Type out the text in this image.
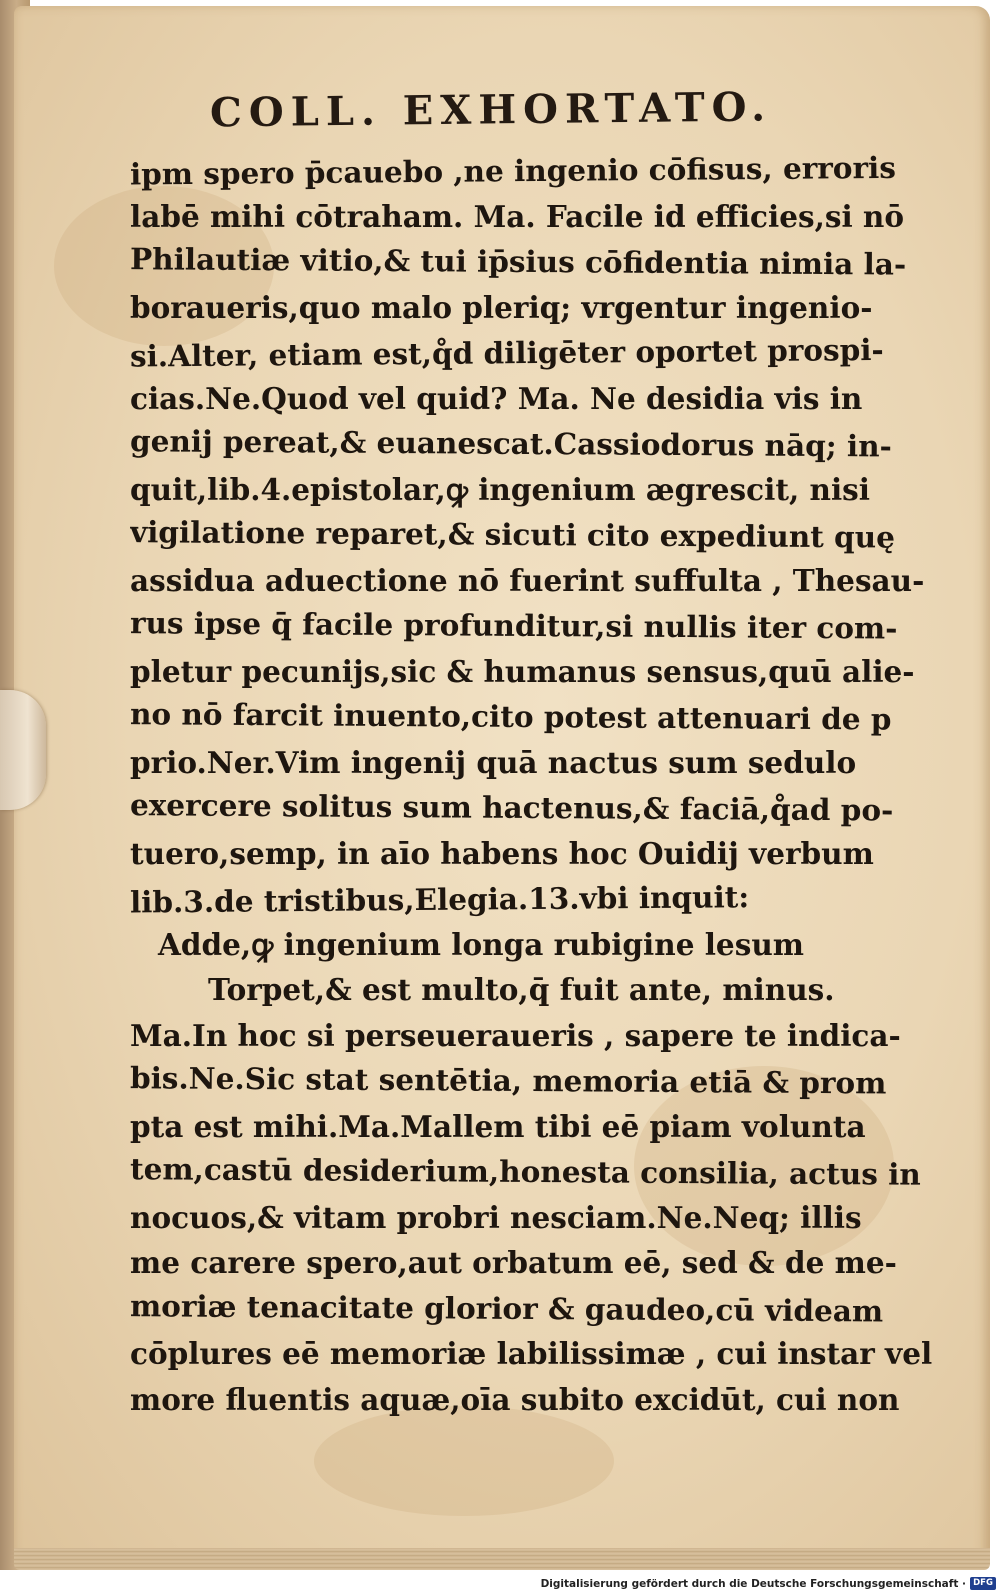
COLL. EXHORTATO.
ipm spero p̄cauebo ,ne ingenio cōfisus, erroris
labē mihi cōtraham. Ma. Facile id efficies,si nō
Philautiæ vitio,& tui ip̄sius cōfidentia nimia la-
boraueris,quo malo pleriq; vrgentur ingenio-
si.Alter, etiam est,q̊d diligēter oportet prospi-
cias.Ne.Quod vel quid? Ma. Ne desidia vis in
genij pereat,& euanescat.Cassiodorus nāq; in-
quit,lib.4.epistolar,ꝙ ingenium ægrescit, nisi
vigilatione reparet,& sicuti cito expediunt quę
assidua aduectione nō fuerint suffulta , Thesau-
rus ipse q̄ facile profunditur,si nullis iter com-
pletur pecunijs,sic & humanus sensus,quū alie-
no nō farcit inuento,cito potest attenuari de p
prio.Ner.Vim ingenij quā nactus sum sedulo
exercere solitus sum hactenus,& faciā,q̊ad po-
tuero,semp, in aīo habens hoc Ouidij verbum
lib.3.de tristibus,Elegia.13.vbi inquit:
Adde,ꝙ ingenium longa rubigine lesum
Torpet,& est multo,q̄ fuit ante, minus.
Ma.In hoc si perseueraueris , sapere te indica-
bis.Ne.Sic stat sentētia, memoria etiā & prom
pta est mihi.Ma.Mallem tibi eē piam volunta
tem,castū desiderium,honesta consilia, actus in
nocuos,& vitam probri nesciam.Ne.Neq; illis
me carere spero,aut orbatum eē, sed & de me-
moriæ tenacitate glorior & gaudeo,cū videam
cōplures eē memoriæ labilissimæ , cui instar vel
more fluentis aquæ,oīa subito excidūt, cui non
Digitalisierung gefördert durch die Deutsche Forschungsgemeinschaft · DFG
